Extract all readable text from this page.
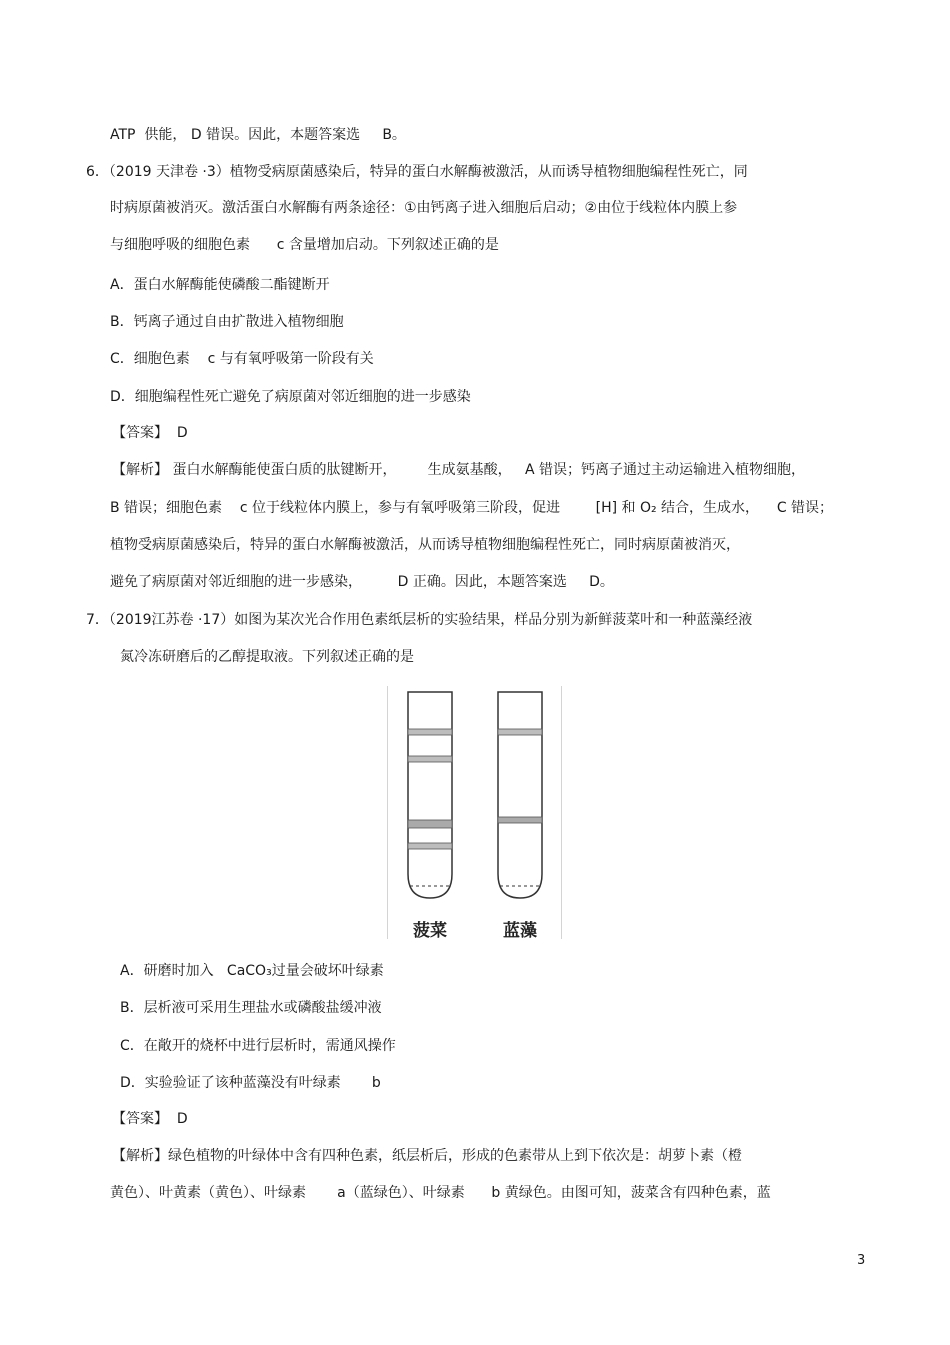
ATP  供能， D 错误。因此，本题答案选     B。
6．（2019 天津卷 ·3）植物受病原菌感染后，特异的蛋白水解酶被激活，从而诱导植物细胞编程性死亡，同
时病原菌被消灭。激活蛋白水解酶有两条途径：①由钙离子进入细胞后启动；②由位于线粒体内膜上参
与细胞呼吸的细胞色素      c 含量增加启动。下列叙述正确的是
A．蛋白水解酶能使磷酸二酯键断开
B．钙离子通过自由扩散进入植物细胞
C．细胞色素    c 与有氧呼吸第一阶段有关
D．细胞编程性死亡避免了病原菌对邻近细胞的进一步感染
【答案】  D
【解析】 蛋白水解酶能使蛋白质的肽键断开，       生成氨基酸，   A 错误；钙离子通过主动运输进入植物细胞，
B 错误；细胞色素    c 位于线粒体内膜上，参与有氧呼吸第三阶段，促进        [H] 和 O₂ 结合，生成水，    C 错误；
植物受病原菌感染后，特异的蛋白水解酶被激活，从而诱导植物细胞编程性死亡，同时病原菌被消灭，
避免了病原菌对邻近细胞的进一步感染，        D 正确。因此，本题答案选     D。
7．（2019江苏卷 ·17）如图为某次光合作用色素纸层析的实验结果，样品分别为新鲜菠菜叶和一种蓝藻经液
氮冷冻研磨后的乙醇提取液。下列叙述正确的是
菠菜	蓝藻
A．研磨时加入   CaCO₃过量会破坏叶绿素
B．层析液可采用生理盐水或磷酸盐缓冲液
C．在敞开的烧杯中进行层析时，需通风操作
D．实验验证了该种蓝藻没有叶绿素       b
【答案】  D
【解析】绿色植物的叶绿体中含有四种色素，纸层析后，形成的色素带从上到下依次是：胡萝卜素（橙
黄色）、叶黄素（黄色）、叶绿素       a（蓝绿色）、叶绿素      b 黄绿色。由图可知，菠菜含有四种色素，蓝
3
